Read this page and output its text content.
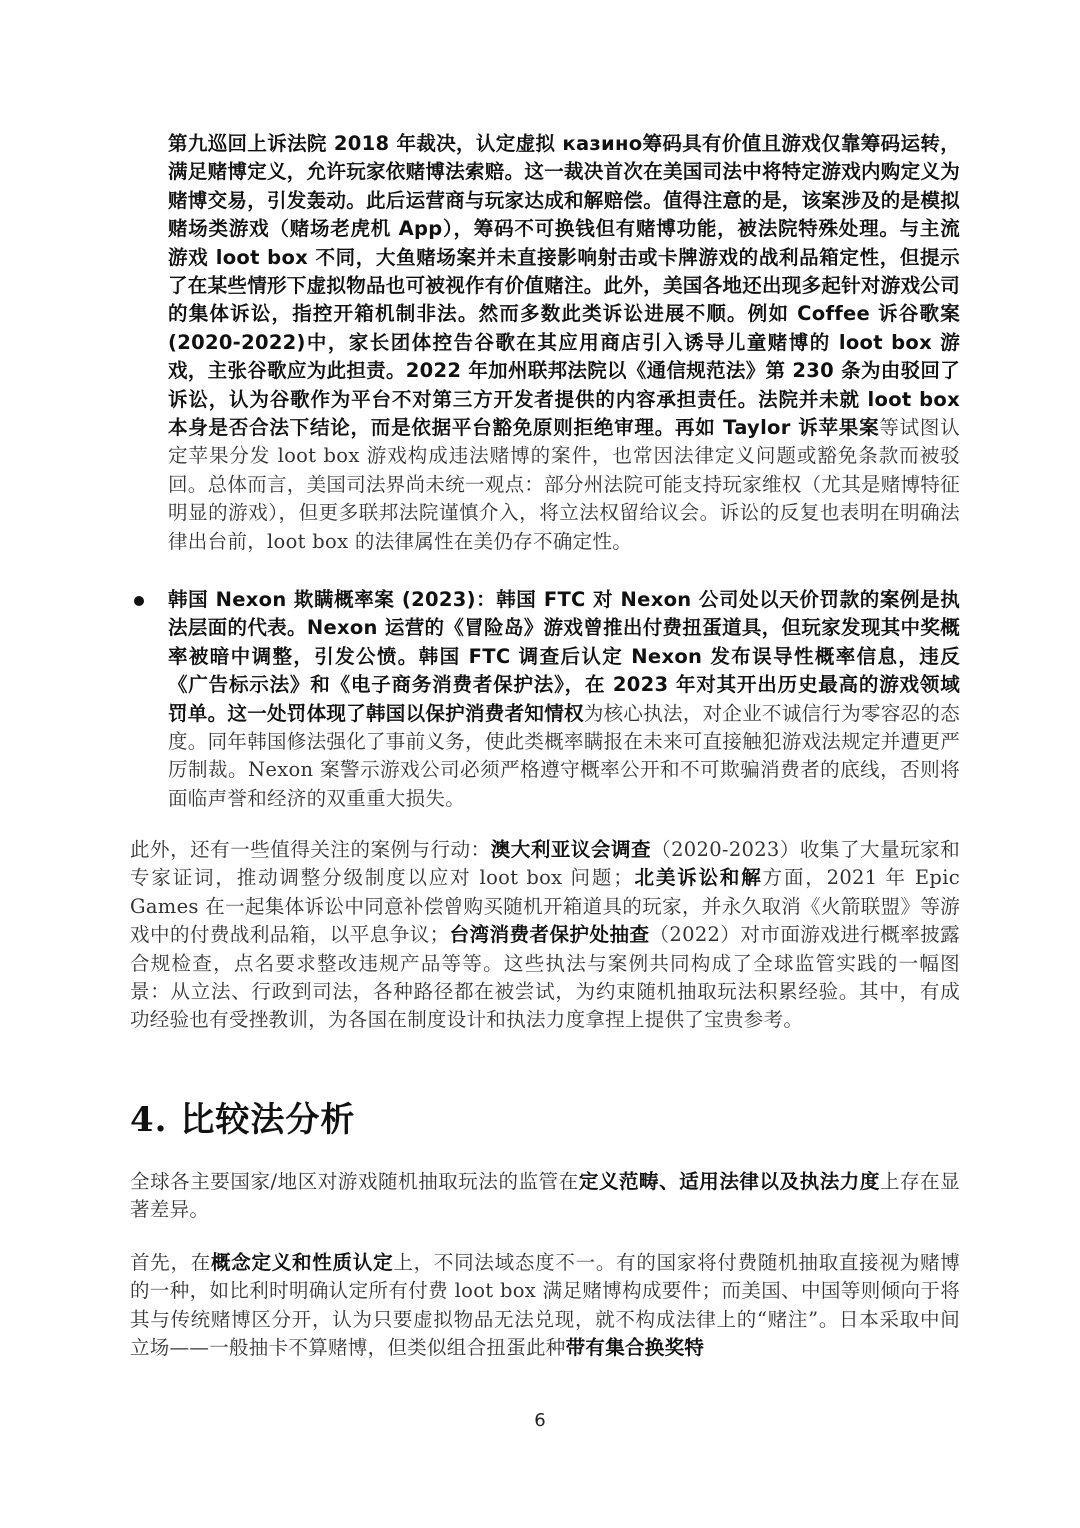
第九巡回上诉法院 2018 年裁决，认定虚拟 казино筹码具有价值且游戏仅靠筹码运转，满足赌博定义，允许玩家依赌博法索赔。这一裁决首次在美国司法中将特定游戏内购定义为赌博交易，引发轰动。此后运营商与玩家达成和解赔偿。值得注意的是，该案涉及的是模拟赌场类游戏（赌场老虎机 App），筹码不可换钱但有赌博功能，被法院特殊处理。与主流游戏 loot box 不同，大鱼赌场案并未直接影响射击或卡牌游戏的战利品箱定性，但提示了在某些情形下虚拟物品也可被视作有价值赌注。此外，美国各地还出现多起针对游戏公司的集体诉讼，指控开箱机制非法。然而多数此类诉讼进展不顺。例如 Coffee 诉谷歌案 (2020-2022)中，家长团体控告谷歌在其应用商店引入诱导儿童赌博的 loot box 游戏，主张谷歌应为此担责。2022 年加州联邦法院以《通信规范法》第 230 条为由驳回了诉讼，认为谷歌作为平台不对第三方开发者提供的内容承担责任。法院并未就 loot box 本身是否合法下结论，而是依据平台豁免原则拒绝审理。再如 Taylor 诉苹果案等试图认定苹果分发 loot box 游戏构成违法赌博的案件，也常因法律定义问题或豁免条款而被驳回。总体而言，美国司法界尚未统一观点：部分州法院可能支持玩家维权（尤其是赌博特征明显的游戏），但更多联邦法院谨慎介入，将立法权留给议会。诉讼的反复也表明在明确法律出台前，loot box 的法律属性在美仍存不确定性。
韩国 Nexon 欺瞒概率案 (2023)：韩国 FTC 对 Nexon 公司处以天价罚款的案例是执法层面的代表。Nexon 运营的《冒险岛》游戏曾推出付费扭蛋道具，但玩家发现其中奖概率被暗中调整，引发公愤。韩国 FTC 调查后认定 Nexon 发布误导性概率信息，违反《广告标示法》和《电子商务消费者保护法》，在 2023 年对其开出历史最高的游戏领域罚单。这一处罚体现了韩国以保护消费者知情权为核心执法，对企业不诚信行为零容忍的态度。同年韩国修法强化了事前义务，使此类概率瞒报在未来可直接触犯游戏法规定并遭更严厉制裁。Nexon 案警示游戏公司必须严格遵守概率公开和不可欺骗消费者的底线，否则将面临声誉和经济的双重重大损失。
此外，还有一些值得关注的案例与行动：澳大利亚议会调查（2020-2023）收集了大量玩家和专家证词，推动调整分级制度以应对 loot box 问题；北美诉讼和解方面，2021 年 Epic Games 在一起集体诉讼中同意补偿曾购买随机开箱道具的玩家，并永久取消《火箭联盟》等游戏中的付费战利品箱，以平息争议；台湾消费者保护处抽查（2022）对市面游戏进行概率披露合规检查，点名要求整改违规产品等等。这些执法与案例共同构成了全球监管实践的一幅图景：从立法、行政到司法，各种路径都在被尝试，为约束随机抽取玩法积累经验。其中，有成功经验也有受挫教训，为各国在制度设计和执法力度拿捏上提供了宝贵参考。
4. 比较法分析
全球各主要国家/地区对游戏随机抽取玩法的监管在定义范畴、适用法律以及执法力度上存在显著差异。
首先，在概念定义和性质认定上，不同法域态度不一。有的国家将付费随机抽取直接视为赌博的一种，如比利时明确认定所有付费 loot box 满足赌博构成要件；而美国、中国等则倾向于将其与传统赌博区分开，认为只要虚拟物品无法兑现，就不构成法律上的“赌注”。日本采取中间立场——一般抽卡不算赌博，但类似组合扭蛋此种带有集合换奖特
6
